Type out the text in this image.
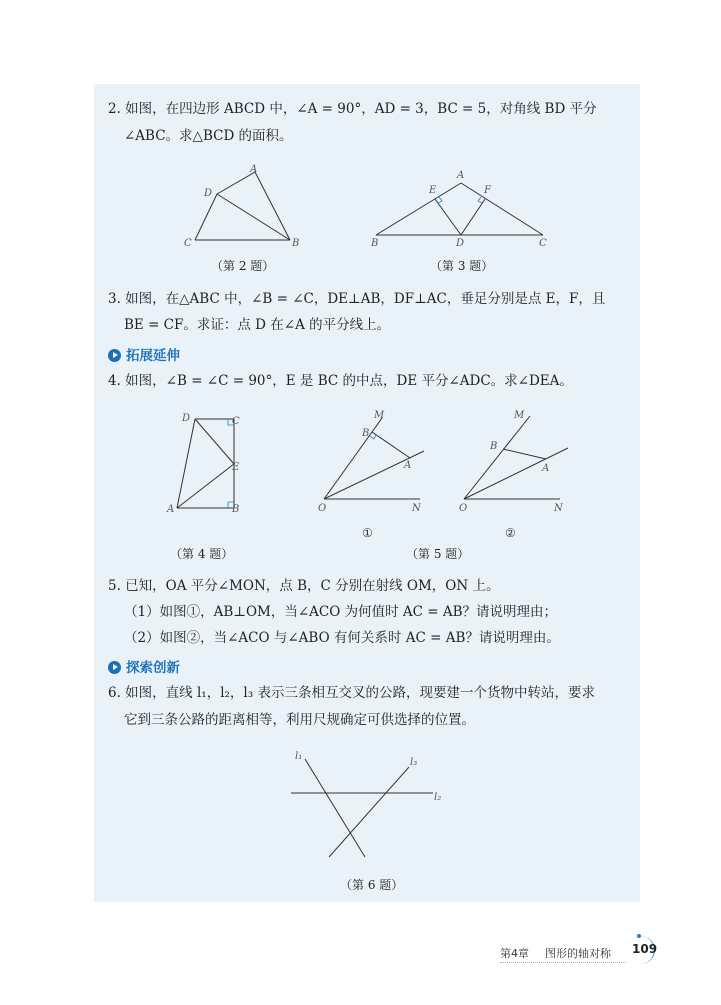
2. 如图，在四边形 ABCD 中，∠A = 90°，AD = 3，BC = 5，对角线 BD 平分
∠ABC。求△BCD 的面积。
A
D
C	B
（第 2 题）
A
E	F
B	D	C
（第 3 题）
3. 如图，在△ABC 中，∠B = ∠C，DE⊥AB，DF⊥AC，垂足分别是点 E，F，且
BE = CF。求证：点 D 在∠A 的平分线上。
拓展延伸
4. 如图，∠B = ∠C = 90°，E 是 BC 的中点，DE 平分∠ADC。求∠DEA。
D	C
E
A	B
（第 4 题）
M
B
A
O	N
①
M
B
A
O	N
②
（第 5 题）
5. 已知，OA 平分∠MON，点 B，C 分别在射线 OM，ON 上。
（1）如图①，AB⊥OM，当∠ACO 为何值时 AC = AB？请说明理由；
（2）如图②，当∠ACO 与∠ABO 有何关系时 AC = AB？请说明理由。
探索创新
6. 如图，直线 l₁，l₂，l₃ 表示三条相互交叉的公路，现要建一个货物中转站，要求
它到三条公路的距离相等，利用尺规确定可供选择的位置。
l₁
l₃
l₂
（第 6 题）
第4章 图形的轴对称 109
